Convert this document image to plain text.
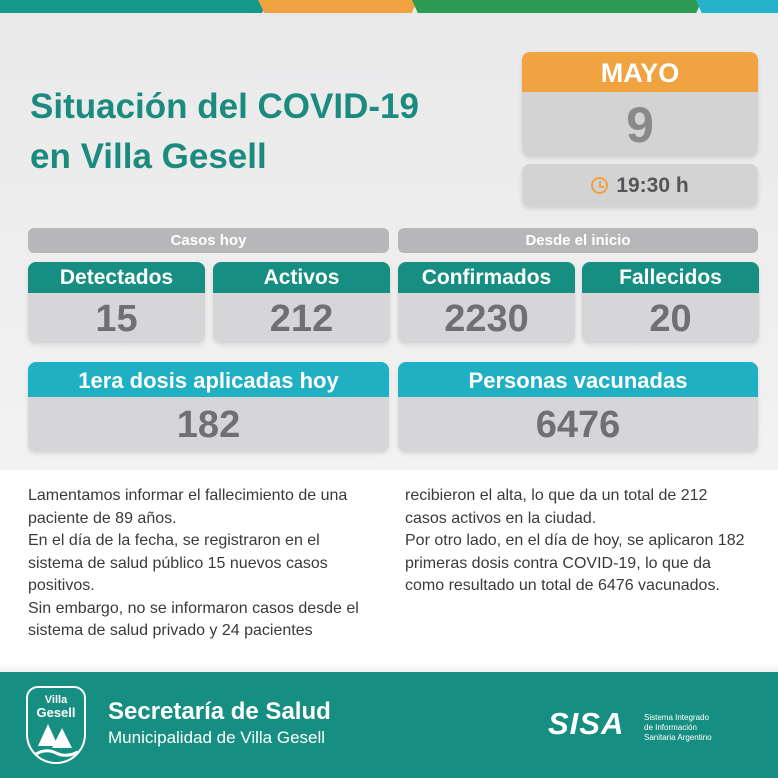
Situación del COVID-19
en Villa Gesell
MAYO
9
19:30 h
Casos hoy	Desde el inicio
Detectados
15
Activos
212
Confirmados
2230
Fallecidos
20
1era dosis aplicadas hoy
182
Personas vacunadas
6476

Lamentamos informar el fallecimiento de una paciente de 89 años.

En el día de la fecha, se registraron en el sistema de salud público 15 nuevos casos positivos.

Sin embargo, no se informaron casos desde el sistema de salud privado y 24 pacientes

recibieron el alta, lo que da un total de 212 casos activos en la ciudad.

Por otro lado, en el día de hoy, se aplicaron 182 primeras dosis contra COVID-19, lo que da como resultado un total de 6476 vacunados.

Villa
Gesell	Secretaría de Salud
Municipalidad de Villa Gesell	SISA Sistema Integrado
de Información
Sanitaria Argentino
